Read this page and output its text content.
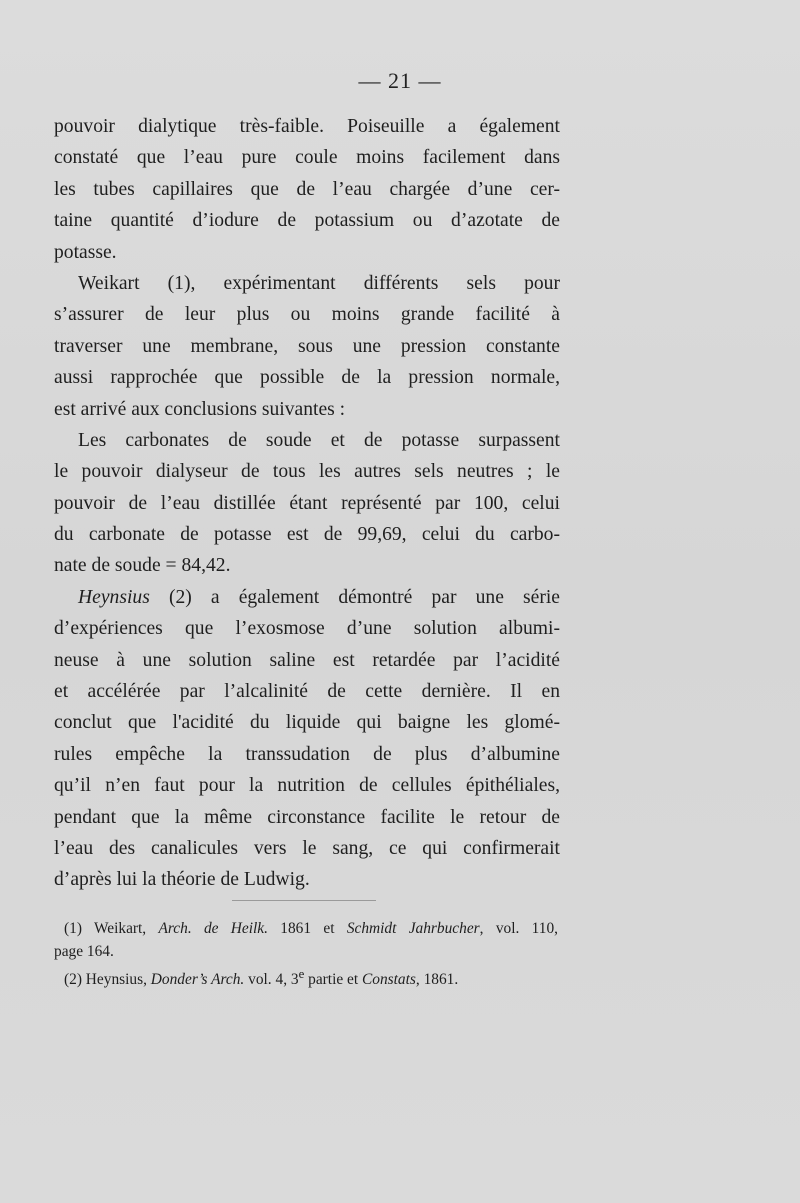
— 21 —
pouvoir dialytique très-faible. Poiseuille a également
constaté que l’eau pure coule moins facilement dans
les tubes capillaires que de l’eau chargée d’une cer-
taine quantité d’iodure de potassium ou d’azotate de
potasse.
Weikart (1), expérimentant différents sels pour
s’assurer de leur plus ou moins grande facilité à
traverser une membrane, sous une pression constante
aussi rapprochée que possible de la pression normale,
est arrivé aux conclusions suivantes :
Les carbonates de soude et de potasse surpassent
le pouvoir dialyseur de tous les autres sels neutres ; le
pouvoir de l’eau distillée étant représenté par 100, celui
du carbonate de potasse est de 99,69, celui du carbo-
nate de soude = 84,42.
Heynsius (2) a également démontré par une série
d’expériences que l’exosmose d’une solution albumi-
neuse à une solution saline est retardée par l’acidité
et accélérée par l’alcalinité de cette dernière. Il en
conclut que l'acidité du liquide qui baigne les glomé-
rules empêche la transsudation de plus d’albumine
qu’il n’en faut pour la nutrition de cellules épithéliales,
pendant que la même circonstance facilite le retour de
l’eau des canalicules vers le sang, ce qui confirmerait
d’après lui la théorie de Ludwig.
(1) Weikart, Arch. de Heilk. 1861 et Schmidt Jahrbucher, vol. 110,
page 164.
(2) Heynsius, Donder’s Arch. vol. 4, 3e partie et Constats, 1861.
